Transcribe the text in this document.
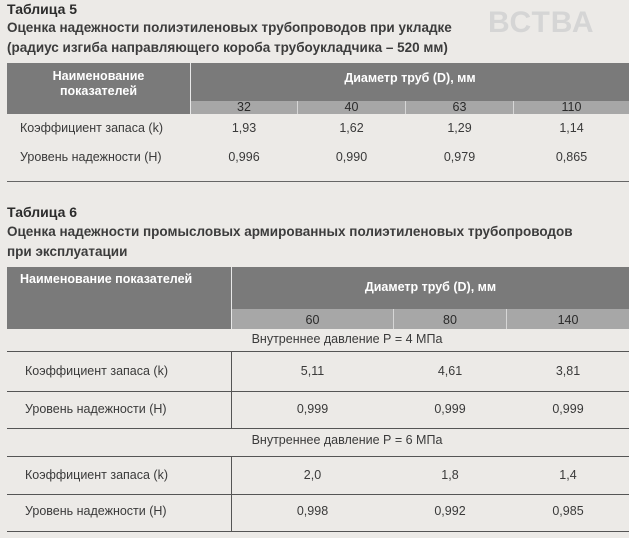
ВСТВА
Таблица 5
Оценка надежности полиэтиленовых трубопроводов при укладке
(радиус изгиба направляющего короба трубоукладчика – 520 мм)
Наименование
показателей
Диаметр труб (D), мм
32	40	63	110
Коэффициент запаса (k)	1,93	1,62	1,29	1,14
Уровень надежности (Н)	0,996	0,990	0,979	0,865
Таблица 6
Оценка надежности промысловых армированных полиэтиленовых трубопроводов
при эксплуатации
Наименование показателей
Диаметр труб (D), мм
60	80	140
Внутреннее давление Р = 4 МПа
Коэффициент запаса (k)	5,11	4,61	3,81
Уровень надежности (Н)	0,999	0,999	0,999
Внутреннее давление Р = 6 МПа
Коэффициент запаса (k)	2,0	1,8	1,4
Уровень надежности (Н)	0,998	0,992	0,985
